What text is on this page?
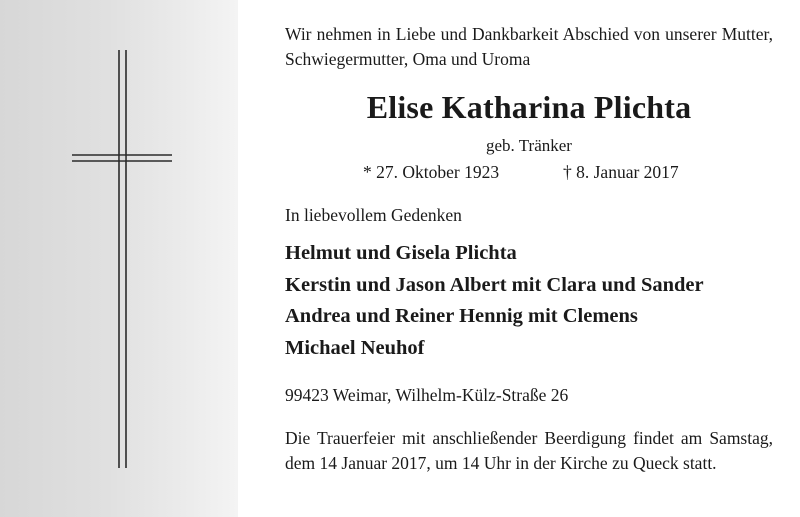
Wir nehmen in Liebe und Dankbarkeit Abschied von unserer Mutter, Schwiegermutter, Oma und Uroma

Elise Katharina Plichta

geb. Tränker

* 27. Oktober 1923	† 8. Januar 2017

In liebevollem Gedenken

Helmut und Gisela Plichta
Kerstin und Jason Albert mit Clara und Sander
Andrea und Reiner Hennig mit Clemens
Michael Neuhof

99423 Weimar, Wilhelm-Külz-Straße 26

Die Trauerfeier mit anschließender Beerdigung findet am Samstag, dem 14 Januar 2017, um 14 Uhr in der Kirche zu Queck statt.
